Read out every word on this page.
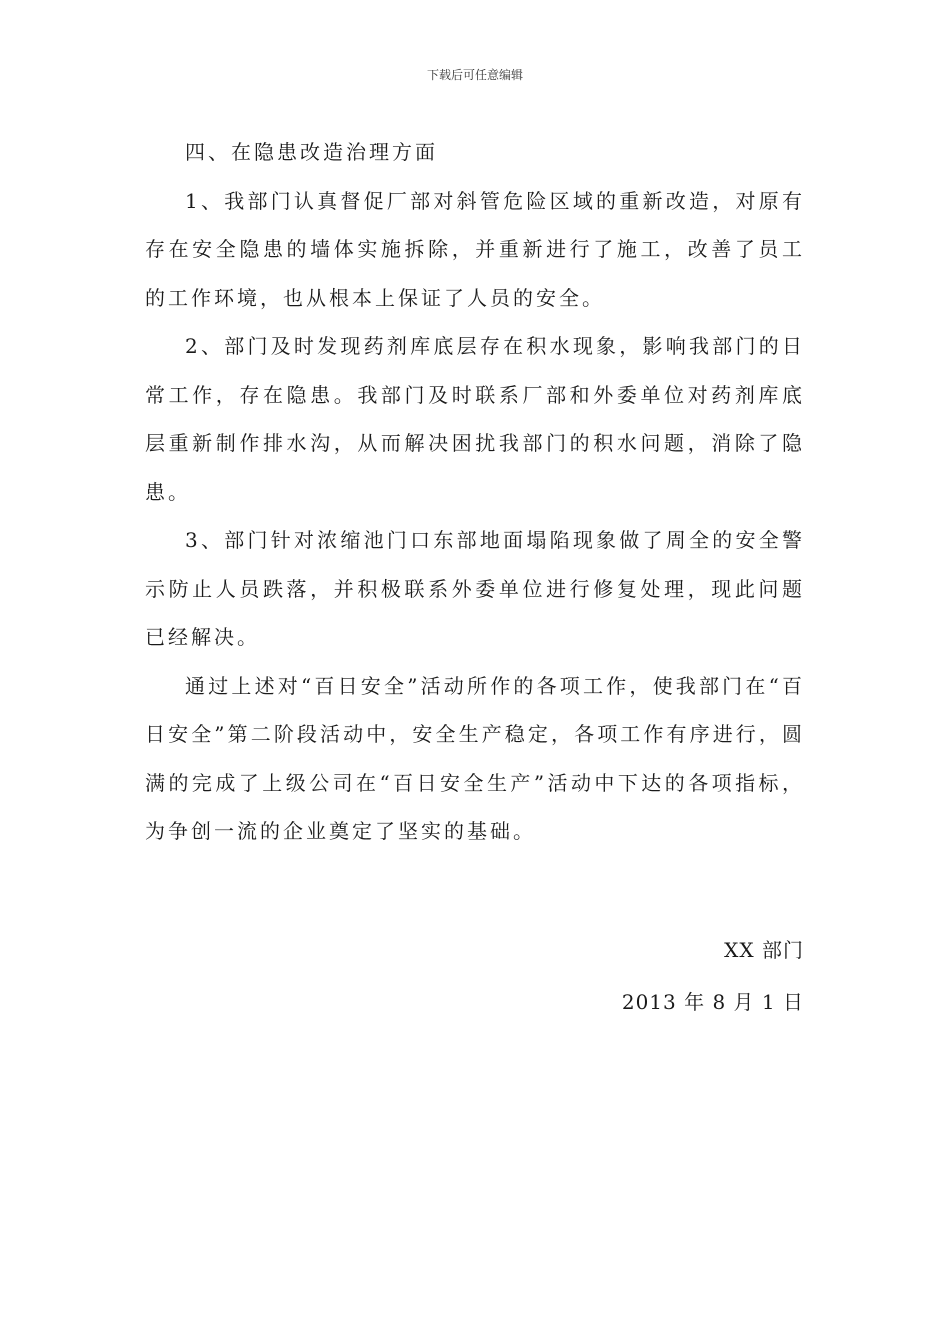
下载后可任意编辑

四、在隐患改造治理方面

1、我部门认真督促厂部对斜管危险区域的重新改造，对原有存在安全隐患的墙体实施拆除，并重新进行了施工，改善了员工的工作环境，也从根本上保证了人员的安全。

2、部门及时发现药剂库底层存在积水现象，影响我部门的日常工作，存在隐患。我部门及时联系厂部和外委单位对药剂库底层重新制作排水沟，从而解决困扰我部门的积水问题，消除了隐患。

3、部门针对浓缩池门口东部地面塌陷现象做了周全的安全警示防止人员跌落，并积极联系外委单位进行修复处理，现此问题已经解决。

通过上述对“百日安全”活动所作的各项工作，使我部门在“百日安全”第二阶段活动中，安全生产稳定，各项工作有序进行，圆满的完成了上级公司在“百日安全生产”活动中下达的各项指标，为争创一流的企业奠定了坚实的基础。

XX 部门
2013 年 8 月 1 日
